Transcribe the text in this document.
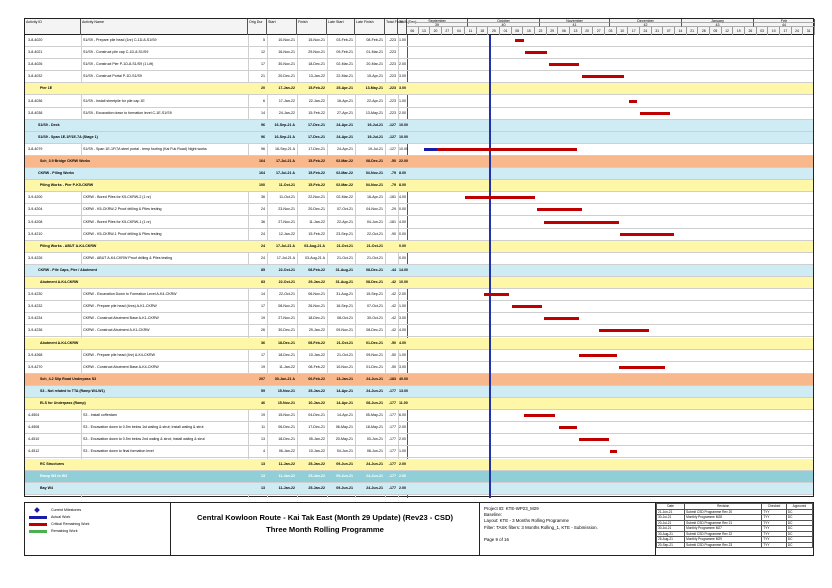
Activity ID	Activity Name	Orig Dur	Start	Finish	Late Start	Late Finish	Total Float
TWA (Dec)	September
39
October
40
November
41
December
42
January
43
Feb
44
06	13	20	27	04	11	18	25	01	08	15	22	29	06	13	20	27	03	10	17	24	31	07	14	21	28	05	12	19	26	03	10	17	24	31
3-8-4020	S1/S9 - Prepare pile head (1nr) C-1D-8-S1/S9	5	10-Nov-21	15-Nov-21	03-Feb-21	08-Feb-21	-223 1.00
3-8-4021	S1/S9 - Construct pile cap C-1D-8-S1/S9	12	16-Nov-21	29-Nov-21	09-Feb-21	01-Mar-21	-223
3-8-4026	S1/S9 - Construct Pier P-1D-8-S1/S9 (1 Lift)	17	30-Nov-21	18-Dec-21	02-Mar-21	20-Mar-21	-223 2.00
3-8-4032	S1/S9 - Construct Portal P-1D-S1/S9	21	20-Dec-21	13-Jan-22	22-Mar-21	15-Apr-21	-223 3.00
Pier 1E	20	17-Jan-22	15-Feb-22	25-Apr-21	13-May-21	-223 3.00
3-8-4036	S1/S9 - Install sheetpile for pile cap 1E	6	17-Jan-22	22-Jan-22	16-Apr-21	22-Apr-21	-223 1.00
3-8-4038	S1/S9 - Excavation down to formation level C-1E-S1/S9	14	24-Jan-22	15-Feb-22	27-Apr-21	13-May-21	-223 2.00
S1/S9 - Deck	96	16-Sep-21 A	17-Dec-21	24-Apr-21	19-Jul-21	-127 10.00
S1/S9 - Span 1E-1F/1E-7A (Stage 1)	96	16-Sep-21 A	17-Dec-21	24-Apr-21	19-Jul-21	-127 10.00
3-8-4079	S1/S9 - Span 1E-1F/7A steel portal - temp footing (Kai Fuk Road) Night works	96	16-Sep-21 A	17-Dec-21	24-Apr-21	19-Jul-21	-127 10.00
Sch_3.9 Bridge CKRW Works	164	17-Jul-21 A	15-Feb-22	02-Mar-22	08-Dec-21	-50 22.00
CKRW - Piling Works	164	17-Jul-21 A	15-Feb-22	02-Mar-22	04-Nov-21	-79 8.00
Piling Works - Pier P-K5-CKRW	100	11-Oct-21	15-Feb-22	02-Mar-22	04-Nov-21	-79 8.00
3-9-4200	CKRW - Bored Piles for K5-CKRW-2 (1 nr)	36	11-Oct-21	22-Nov-21	02-Mar-22	16-Apr-21	-181 4.00
3-9-4204	CKRW - K5-CKRW-2 Proof drilling & Piles testing	24	23-Nov-21	20-Dec-21	07-Oct-21	04-Nov-21	-29 0.00
3-9-4208	CKRW - Bored Piles for K5-CKRW-1 (1 nr)	36	27-Nov-21	11-Jan-22	22-Apr-21	04-Jun-21	-181 4.00
3-9-4210	CKRW - K5-CKRW-1 Proof drilling & Piles testing	24	12-Jan-22	15-Feb-22	23-Sep-21	22-Oct-21	-90 0.00
Piling Works - ABUT A-K4-CKRW	24	17-Jul-21 A	03-Aug-21 A	21-Oct-21	21-Oct-21	0.00
3-9-4226	CKRW - ABUT A-K4-CKRW Proof drilling & Piles testing	24	17-Jul-21 A	03-Aug-21 A	21-Oct-21	21-Oct-21	0.00
CKRW - Pile Caps, Pier / Abutment	85	22-Oct-21	08-Feb-22	31-Aug-21	08-Dec-21	-44 14.00
Abutment A-K4-CKRW	83	22-Oct-21	29-Jan-22	31-Aug-21	08-Dec-21	-42 10.00
3-9-4230	CKRW - Excavation Down to Formation Level A-K4-CKRW	14	22-Oct-21	06-Nov-21	31-Aug-21	15-Sep-21	-42 2.00
3-9-4232	CKRW - Prepare pile head (4nrs) A-K1-CKRW	17	08-Nov-21	26-Nov-21	16-Sep-21	07-Oct-21	-42 1.00
3-9-4234	CKRW - Construct Abutment Base A-K1-CKRW	19	27-Nov-21	18-Dec-21	08-Oct-21	30-Oct-21	-42 3.00
3-9-4236	CKRW - Construct Abutment A-K1-CKRW	26	30-Dec-21	29-Jan-22	09-Nov-21	08-Dec-21	-42 4.00
Abutment A-K4-CKRW	36	18-Dec-21	08-Feb-22	21-Oct-21	01-Dec-21	-50 4.00
3-9-4268	CKRW - Prepare pile head (4nr) A-K4-CKRW	17	18-Dec-21	10-Jan-22	21-Oct-21	09-Nov-21	-50 1.00
3-9-4270	CKRW - Construct Abutment Base A-K4-CKRW	19	11-Jan-22	08-Feb-22	10-Nov-21	01-Dec-21	-50 3.00
Sch_4.2 Slip Road Underpass S3	207	30-Jun-21 A	06-Feb-22	13-Jan-21	24-Jun-21	-183 40.00
S3 - Not related to TTA (Ramp W4-W1)	59	15-Nov-21	25-Jan-22	14-Apr-21	24-Jun-21	-177 13.00
ELS for Underpass (Ramp)	46	15-Nov-21	10-Jan-22	14-Apr-21	08-Jun-21	-177 11.00
4-4504	S3 - Install cofferdam	19	15-Nov-21	04-Dec-21	14-Apr-21	05-May-21	-177 6.00
4-4508	S3 - Excavation down to 0.5m below 1st waling & strut; Install waling & strut	11	06-Dec-21	17-Dec-21	06-May-21	18-May-21	-177 2.00
4-4510	S3 - Excavation down to 0.5m below 2nd waling & strut; Install waling & strut	13	18-Dec-21	05-Jan-22	20-May-21	03-Jun-21	-177 2.00
4-4512	S3 - Excavation down to final formation level	4	06-Jan-22	10-Jan-22	04-Jun-21	08-Jun-21	-177 1.00
RC Structures	13	11-Jan-22	25-Jan-22	09-Jun-21	24-Jun-21	-177 2.00
Ramp W4 to W3	13	11-Jan-22	25-Jan-22	09-Jun-21	24-Jun-21	-177 2.00
Bay W4	13	11-Jan-22	25-Jan-22	09-Jun-21	24-Jun-21	-177 2.00
Current Milestones
Actual Work
Critical Remaining Work
Remaining Work
Central Kowloon Route - Kai Tak East (Month 29 Update) (Rev23 - CSD)
Three Month Rolling Programme
Project ID: KTE-WP23_M29
Baseline:
Layout: KTE - 3 Months Rolling Programme
Filter: TASK filters: 3 Months Rolling_1, KTE - Submission.
Page 9 of 16
Date	Revision	Checked	Approved
21-Jun-21	Submit CSD Programme Rev 20	TYY	DC
30-Jul-21	Monthly Programme M28	TYY	DC
20-Jul-21	Submit CSD Programme Rev 21	TYY	DC
30-Jul-21	Monthly Programme M27	TYY	DC
30-Aug-21	Submit CSD Programme Rev 22	TYY	DC
25-Aug-21	Monthly Programme M29	TYY	DC
20-Sep-21	Submit CSD Programme Rev 23	TYY	DC
